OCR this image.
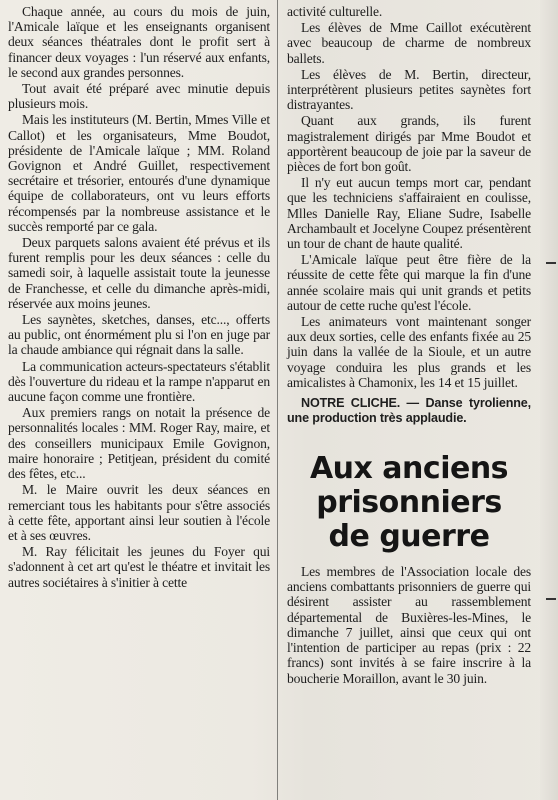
Chaque année, au cours du mois de juin, l'Amicale laïque et les enseignants organisent deux séances théatrales dont le profit sert à financer deux voyages : l'un réservé aux enfants, le second aux grandes personnes.

Tout avait été préparé avec minutie depuis plusieurs mois.

Mais les instituteurs (M. Bertin, Mmes Ville et Callot) et les organisateurs, Mme Boudot, présidente de l'Amicale laïque ; MM. Roland Govignon et André Guillet, respectivement secrétaire et trésorier, entourés d'une dynamique équipe de collaborateurs, ont vu leurs efforts récompensés par la nombreuse assistance et le succès remporté par ce gala.

Deux parquets salons avaient été prévus et ils furent remplis pour les deux séances : celle du samedi soir, à laquelle assistait toute la jeunesse de Franchesse, et celle du dimanche après-midi, réservée aux moins jeunes.

Les saynètes, sketches, danses, etc..., offerts au public, ont énormément plu si l'on en juge par la chaude ambiance qui régnait dans la salle.

La communication acteurs-spectateurs s'établit dès l'ouverture du rideau et la rampe n'apparut en aucune façon comme une frontière.

Aux premiers rangs on notait la présence de personnalités locales : MM. Roger Ray, maire, et des conseillers municipaux Emile Govignon, maire honoraire ; Petitjean, président du comité des fêtes, etc...

M. le Maire ouvrit les deux séances en remerciant tous les habitants pour s'être associés à cette fête, apportant ainsi leur soutien à l'école et à ses œuvres.

M. Ray félicitait les jeunes du Foyer qui s'adonnent à cet art qu'est le théatre et invitait les autres sociétaires à s'initier à cette

activité culturelle.

Les élèves de Mme Caillot exécutèrent avec beaucoup de charme de nombreux ballets.

Les élèves de M. Bertin, directeur, interprétèrent plusieurs petites saynètes fort distrayantes.

Quant aux grands, ils furent magistralement dirigés par Mme Boudot et apportèrent beaucoup de joie par la saveur de pièces de fort bon goût.

Il n'y eut aucun temps mort car, pendant que les techniciens s'affairaient en coulisse, Mlles Danielle Ray, Eliane Sudre, Isabelle Archambault et Jocelyne Coupez présentèrent un tour de chant de haute qualité.

L'Amicale laïque peut être fière de la réussite de cette fête qui marque la fin d'une année scolaire mais qui unit grands et petits autour de cette ruche qu'est l'école.

Les animateurs vont maintenant songer aux deux sorties, celle des enfants fixée au 25 juin dans la vallée de la Sioule, et un autre voyage conduira les plus grands et les amicalistes à Chamonix, les 14 et 15 juillet.

NOTRE CLICHE. — Danse tyrolienne, une production très applaudie.
Aux anciens
prisonniers
de guerre

Les membres de l'Association locale des anciens combattants prisonniers de guerre qui désirent assister au rassemblement départemental de Buxières-les-Mines, le dimanche 7 juillet, ainsi que ceux qui ont l'intention de participer au repas (prix : 22 francs) sont invités à se faire inscrire à la boucherie Moraillon, avant le 30 juin.
